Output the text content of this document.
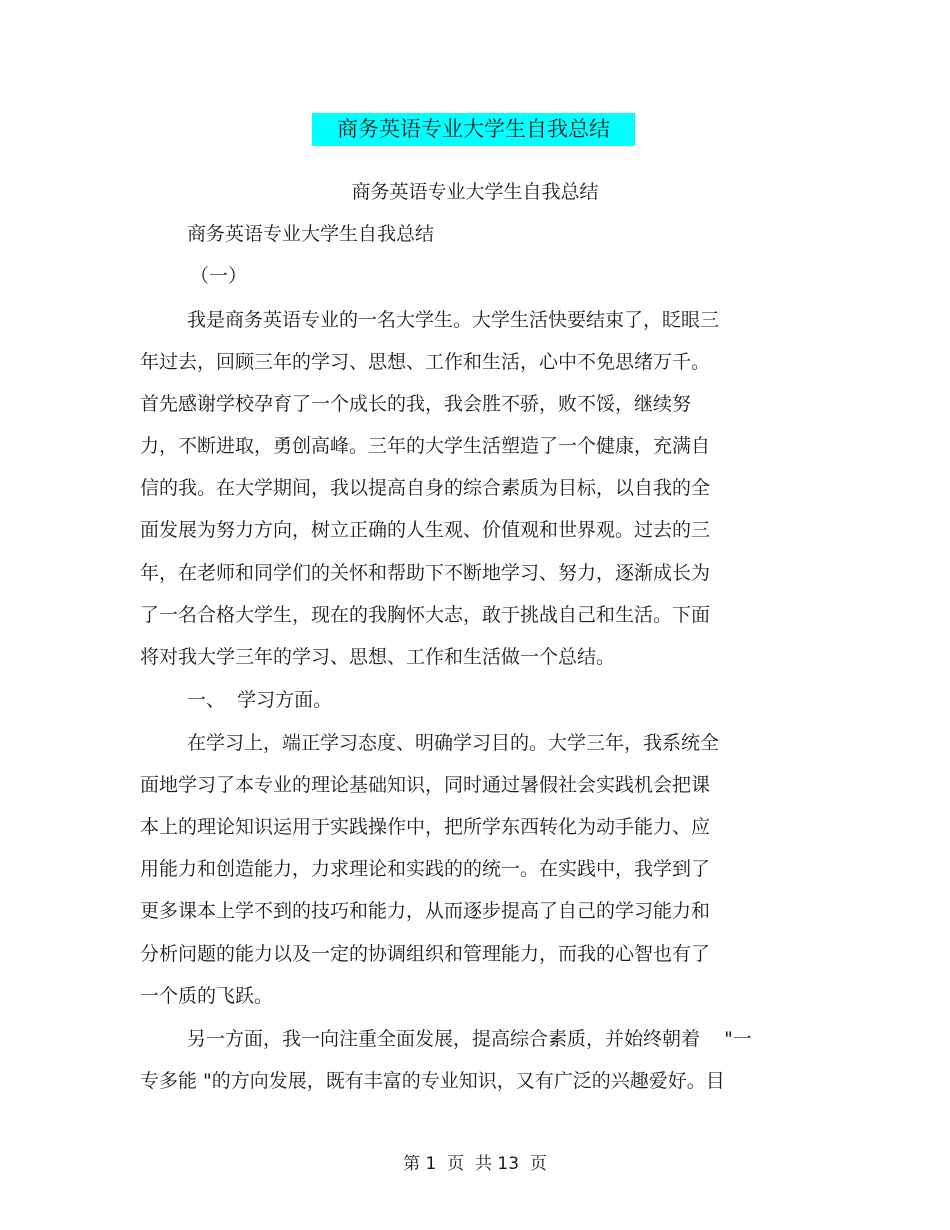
商务英语专业大学生自我总结
商务英语专业大学生自我总结
商务英语专业大学生自我总结
（一）
我是商务英语专业的一名大学生。大学生活快要结束了，眨眼三
年过去，回顾三年的学习、思想、工作和生活，心中不免思绪万千。
首先感谢学校孕育了一个成长的我，我会胜不骄，败不馁，继续努
力，不断进取，勇创高峰。三年的大学生活塑造了一个健康，充满自
信的我。在大学期间，我以提高自身的综合素质为目标，以自我的全
面发展为努力方向，树立正确的人生观、价值观和世界观。过去的三
年，在老师和同学们的关怀和帮助下不断地学习、努力，逐渐成长为
了一名合格大学生，现在的我胸怀大志，敢于挑战自己和生活。下面
将对我大学三年的学习、思想、工作和生活做一个总结。
一、  学习方面。
在学习上，端正学习态度、明确学习目的。大学三年，我系统全
面地学习了本专业的理论基础知识，同时通过暑假社会实践机会把课
本上的理论知识运用于实践操作中，把所学东西转化为动手能力、应
用能力和创造能力，力求理论和实践的的统一。在实践中，我学到了
更多课本上学不到的技巧和能力，从而逐步提高了自己的学习能力和
分析问题的能力以及一定的协调组织和管理能力，而我的心智也有了
一个质的飞跃。
另一方面，我一向注重全面发展，提高综合素质，并始终朝着    "一
专多能 "的方向发展，既有丰富的专业知识，又有广泛的兴趣爱好。目
第 1  页  共 13  页
